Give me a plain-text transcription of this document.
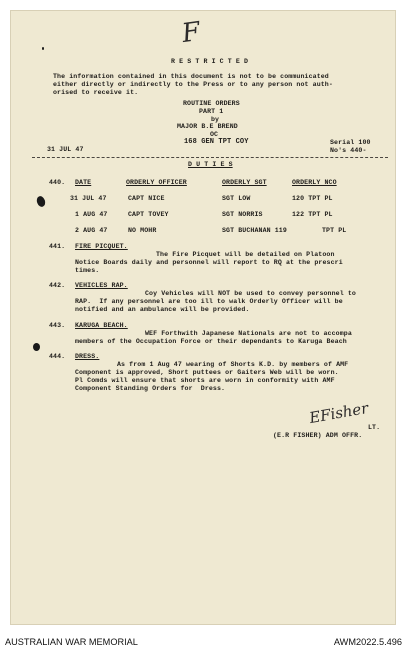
F
R E S T R I C T E D
The information contained in this document is not to be communicated
either directly or indirectly to the Press or to any person not auth-
orised to receive it.
ROUTINE ORDERS
PART 1
by
MAJOR B.E BREND
OC
168 GEN TPT COY
31 JUL 47
Serial 100
No's 440-
D U T I E S
440. DATE	ORDERLY OFFICER	ORDERLY SGT	ORDERLY NCO
31 JUL 47	CAPT NICE	SGT LOW	120 TPT PL
1 AUG 47	CAPT TOVEY	SGT NORRIS	122 TPT PL
2 AUG 47	NO MOHR	SGT BUCHANAN 119	TPT PL
441. FIRE PICQUET.
The Fire Picquet will be detailed on Platoon
Notice Boards daily and personnel will report to RQ at the prescri
times.
442. VEHICLES RAP.
Coy Vehicles will NOT be used to convey personnel to
RAP.  If any personnel are too ill to walk Orderly Officer will be
notified and an ambulance will be provided.
443. KARUGA BEACH.
WEF Forthwith Japanese Nationals are not to accompa
members of the Occupation Force or their dependants to Karuga Beach
444. DRESS.
As from 1 Aug 47 wearing of Shorts K.D. by members of AMF
Component is approved, Short puttees or Gaiters Web will be worn.
Pl Comds will ensure that shorts are worn in conformity with AMF
Component Standing Orders for  Dress.
EFisher
LT.
(E.R FISHER) ADM OFFR.
AUSTRALIAN WAR MEMORIAL	AWM2022.5.496
